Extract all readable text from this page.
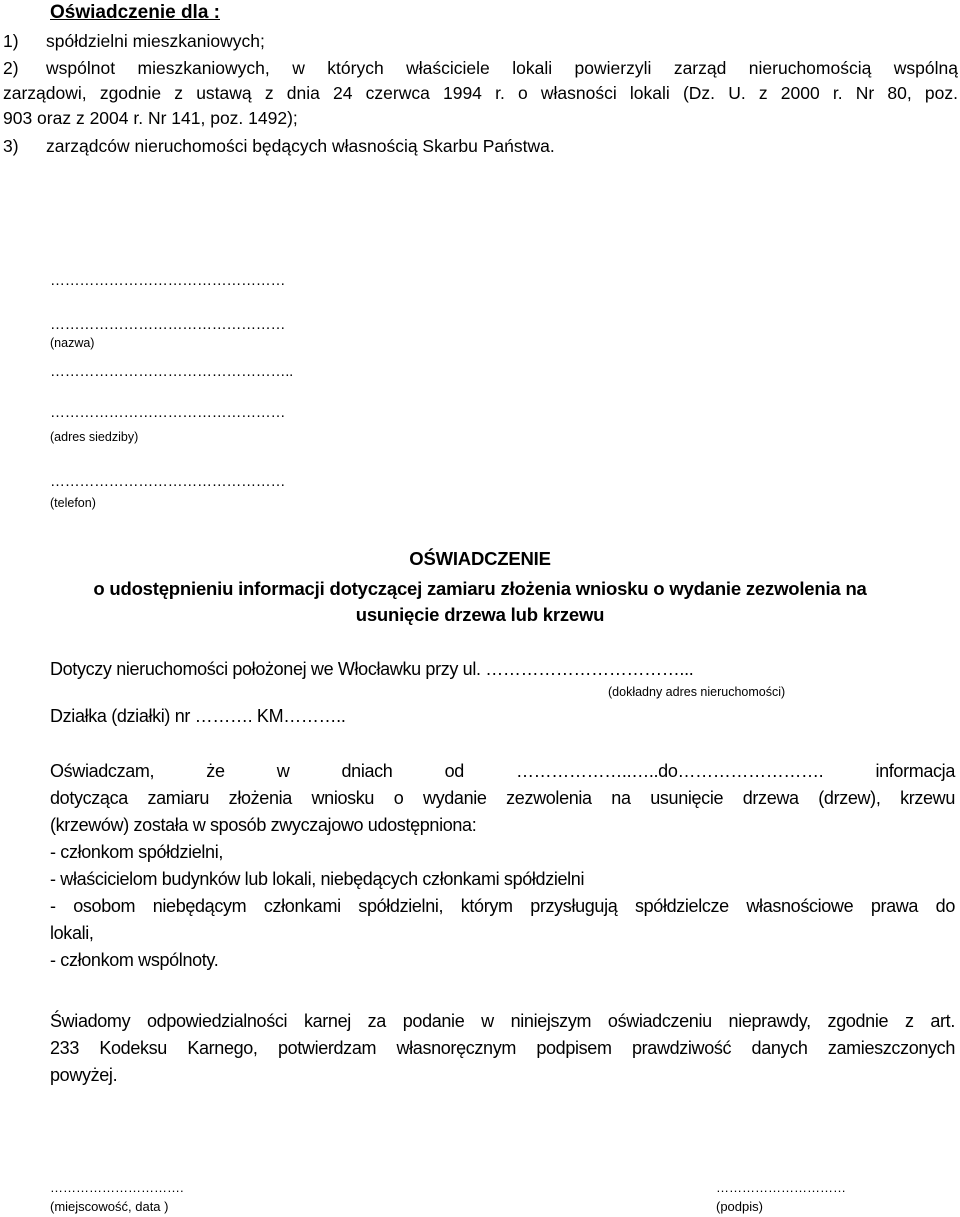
Oświadczenie dla :
1) spółdzielni mieszkaniowych;
2) wspólnot mieszkaniowych, w których właściciele lokali powierzyli zarząd nieruchomością wspólną
zarządowi, zgodnie z ustawą z dnia 24 czerwca 1994 r. o własności lokali (Dz. U. z 2000 r. Nr 80, poz.
903 oraz z 2004 r. Nr 141, poz. 1492);
3) zarządców nieruchomości będących własnością Skarbu Państwa.
…………………………………………
…………………………………………
(nazwa)
…………………………………………..
…………………………………………
(adres siedziby)
…………………………………………
(telefon)
OŚWIADCZENIE
o udostępnieniu informacji dotyczącej zamiaru złożenia wniosku o wydanie zezwolenia na
usunięcie drzewa lub krzewu
Dotyczy nieruchomości położonej we Włocławku przy ul. ……………………………...
(dokładny adres nieruchomości)
Działka (działki) nr ………. KM………..
Oświadczam, że w dniach od ………………..…..do……………………. informacja
dotycząca zamiaru złożenia wniosku o wydanie zezwolenia na usunięcie drzewa (drzew), krzewu
(krzewów) została w sposób zwyczajowo udostępniona:
- członkom spółdzielni,
- właścicielom budynków lub lokali, niebędących członkami spółdzielni
- osobom niebędącym członkami spółdzielni, którym przysługują spółdzielcze własnościowe prawa do
lokali,
- członkom wspólnoty.
Świadomy odpowiedzialności karnej za podanie w niniejszym oświadczeniu nieprawdy, zgodnie z art.
233 Kodeksu Karnego, potwierdzam własnoręcznym podpisem prawdziwość danych zamieszczonych
powyżej.
………………………….
(miejscowość, data )
…………………………
(podpis)
